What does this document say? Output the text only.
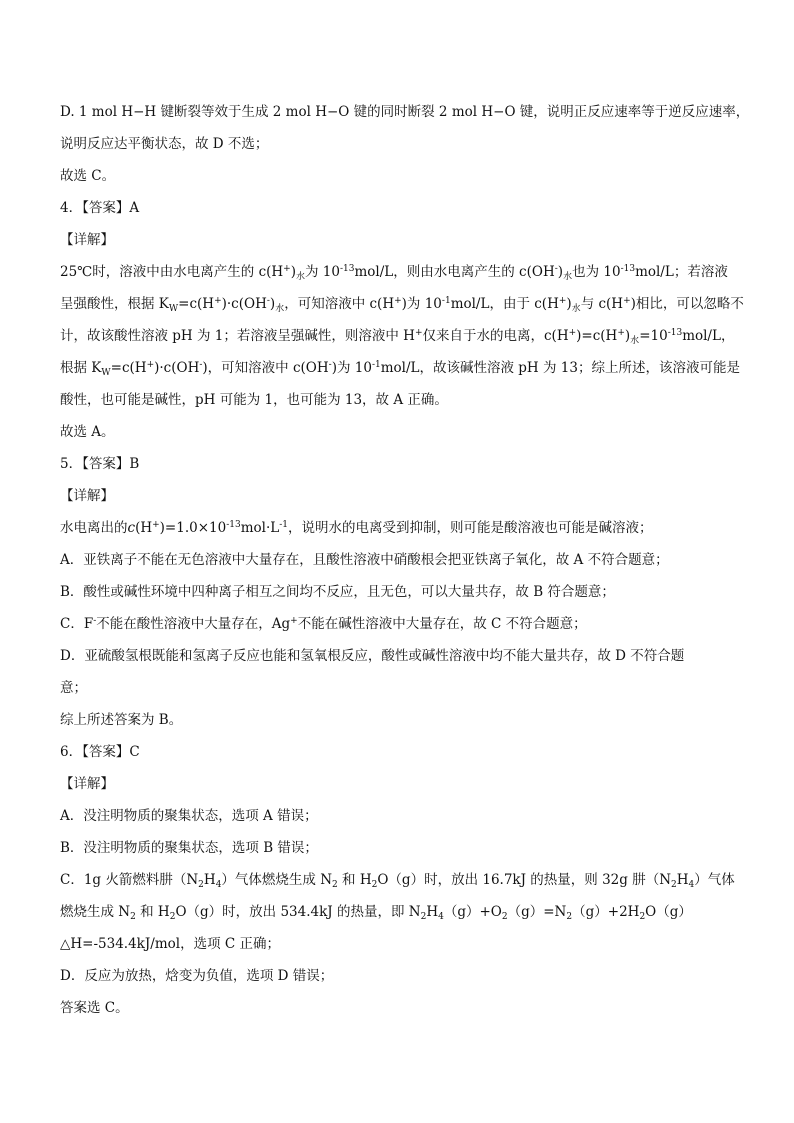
D. 1 mol H−H 键断裂等效于生成 2 mol H−O 键的同时断裂 2 mol H−O 键，说明正反应速率等于逆反应速率，
说明反应达平衡状态，故 D 不选；
故选 C。
4．【答案】A
【详解】
25℃时，溶液中由水电离产生的 $c(H^+)_水$为 $10^{-13}mol/L$，则由水电离产生的 $c(OH^-)_水$也为 $10^{-13}mol/L$；若溶液
呈强酸性，根据 $K_W=c(H^+)\cdot c(OH^-)_水$，可知溶液中 c(H+)为 $10^{-1}mol/L$，由于 $c(H^+)_水$与 c(H+)相比，可以忽略不
计，故该酸性溶液 pH 为 1；若溶液呈强碱性，则溶液中 H+仅来自于水的电离，$c(H^+)=c(H^+)_水=10^{-13}mol/L$，
根据 $K_W=c(H^+)\cdot c(OH^-)$，可知溶液中 c(OH-)为 $10^{-1}mol/L$，故该碱性溶液 pH 为 13；综上所述，该溶液可能是
酸性，也可能是碱性，pH 可能为 1，也可能为 13，故 A 正确。
故选 A。
5．【答案】B
【详解】
水电离出的$c(H^+)=1.0\times 10^{-13}mol\cdot L^{-1}$，说明水的电离受到抑制，则可能是酸溶液也可能是碱溶液；
A．亚铁离子不能在无色溶液中大量存在，且酸性溶液中硝酸根会把亚铁离子氧化，故 A 不符合题意；
B．酸性或碱性环境中四种离子相互之间均不反应，且无色，可以大量共存，故 B 符合题意；
C．F-不能在酸性溶液中大量存在，Ag+不能在碱性溶液中大量存在，故 C 不符合题意；
D．亚硫酸氢根既能和氢离子反应也能和氢氧根反应，酸性或碱性溶液中均不能大量共存，故 D 不符合题
意；
综上所述答案为 B。
6．【答案】C
【详解】
A．没注明物质的聚集状态，选项 A 错误；
B．没注明物质的聚集状态，选项 B 错误；
C．1g 火箭燃料肼$(N_2H_4)$气体燃烧生成 $N_2$ 和 $H_2O(g)$时，放出 16.7kJ 的热量，则 32g 肼$(N_2H_4)$气体
燃烧生成 $N_2$ 和 $H_2O(g)$时，放出 534.4kJ 的热量，即 $N_2H_4(g)+O_2(g)=N_2(g)+2H_2O(g)$
△H=-534.4kJ/mol，选项 C 正确；
D．反应为放热，焓变为负值，选项 D 错误；
答案选 C。
